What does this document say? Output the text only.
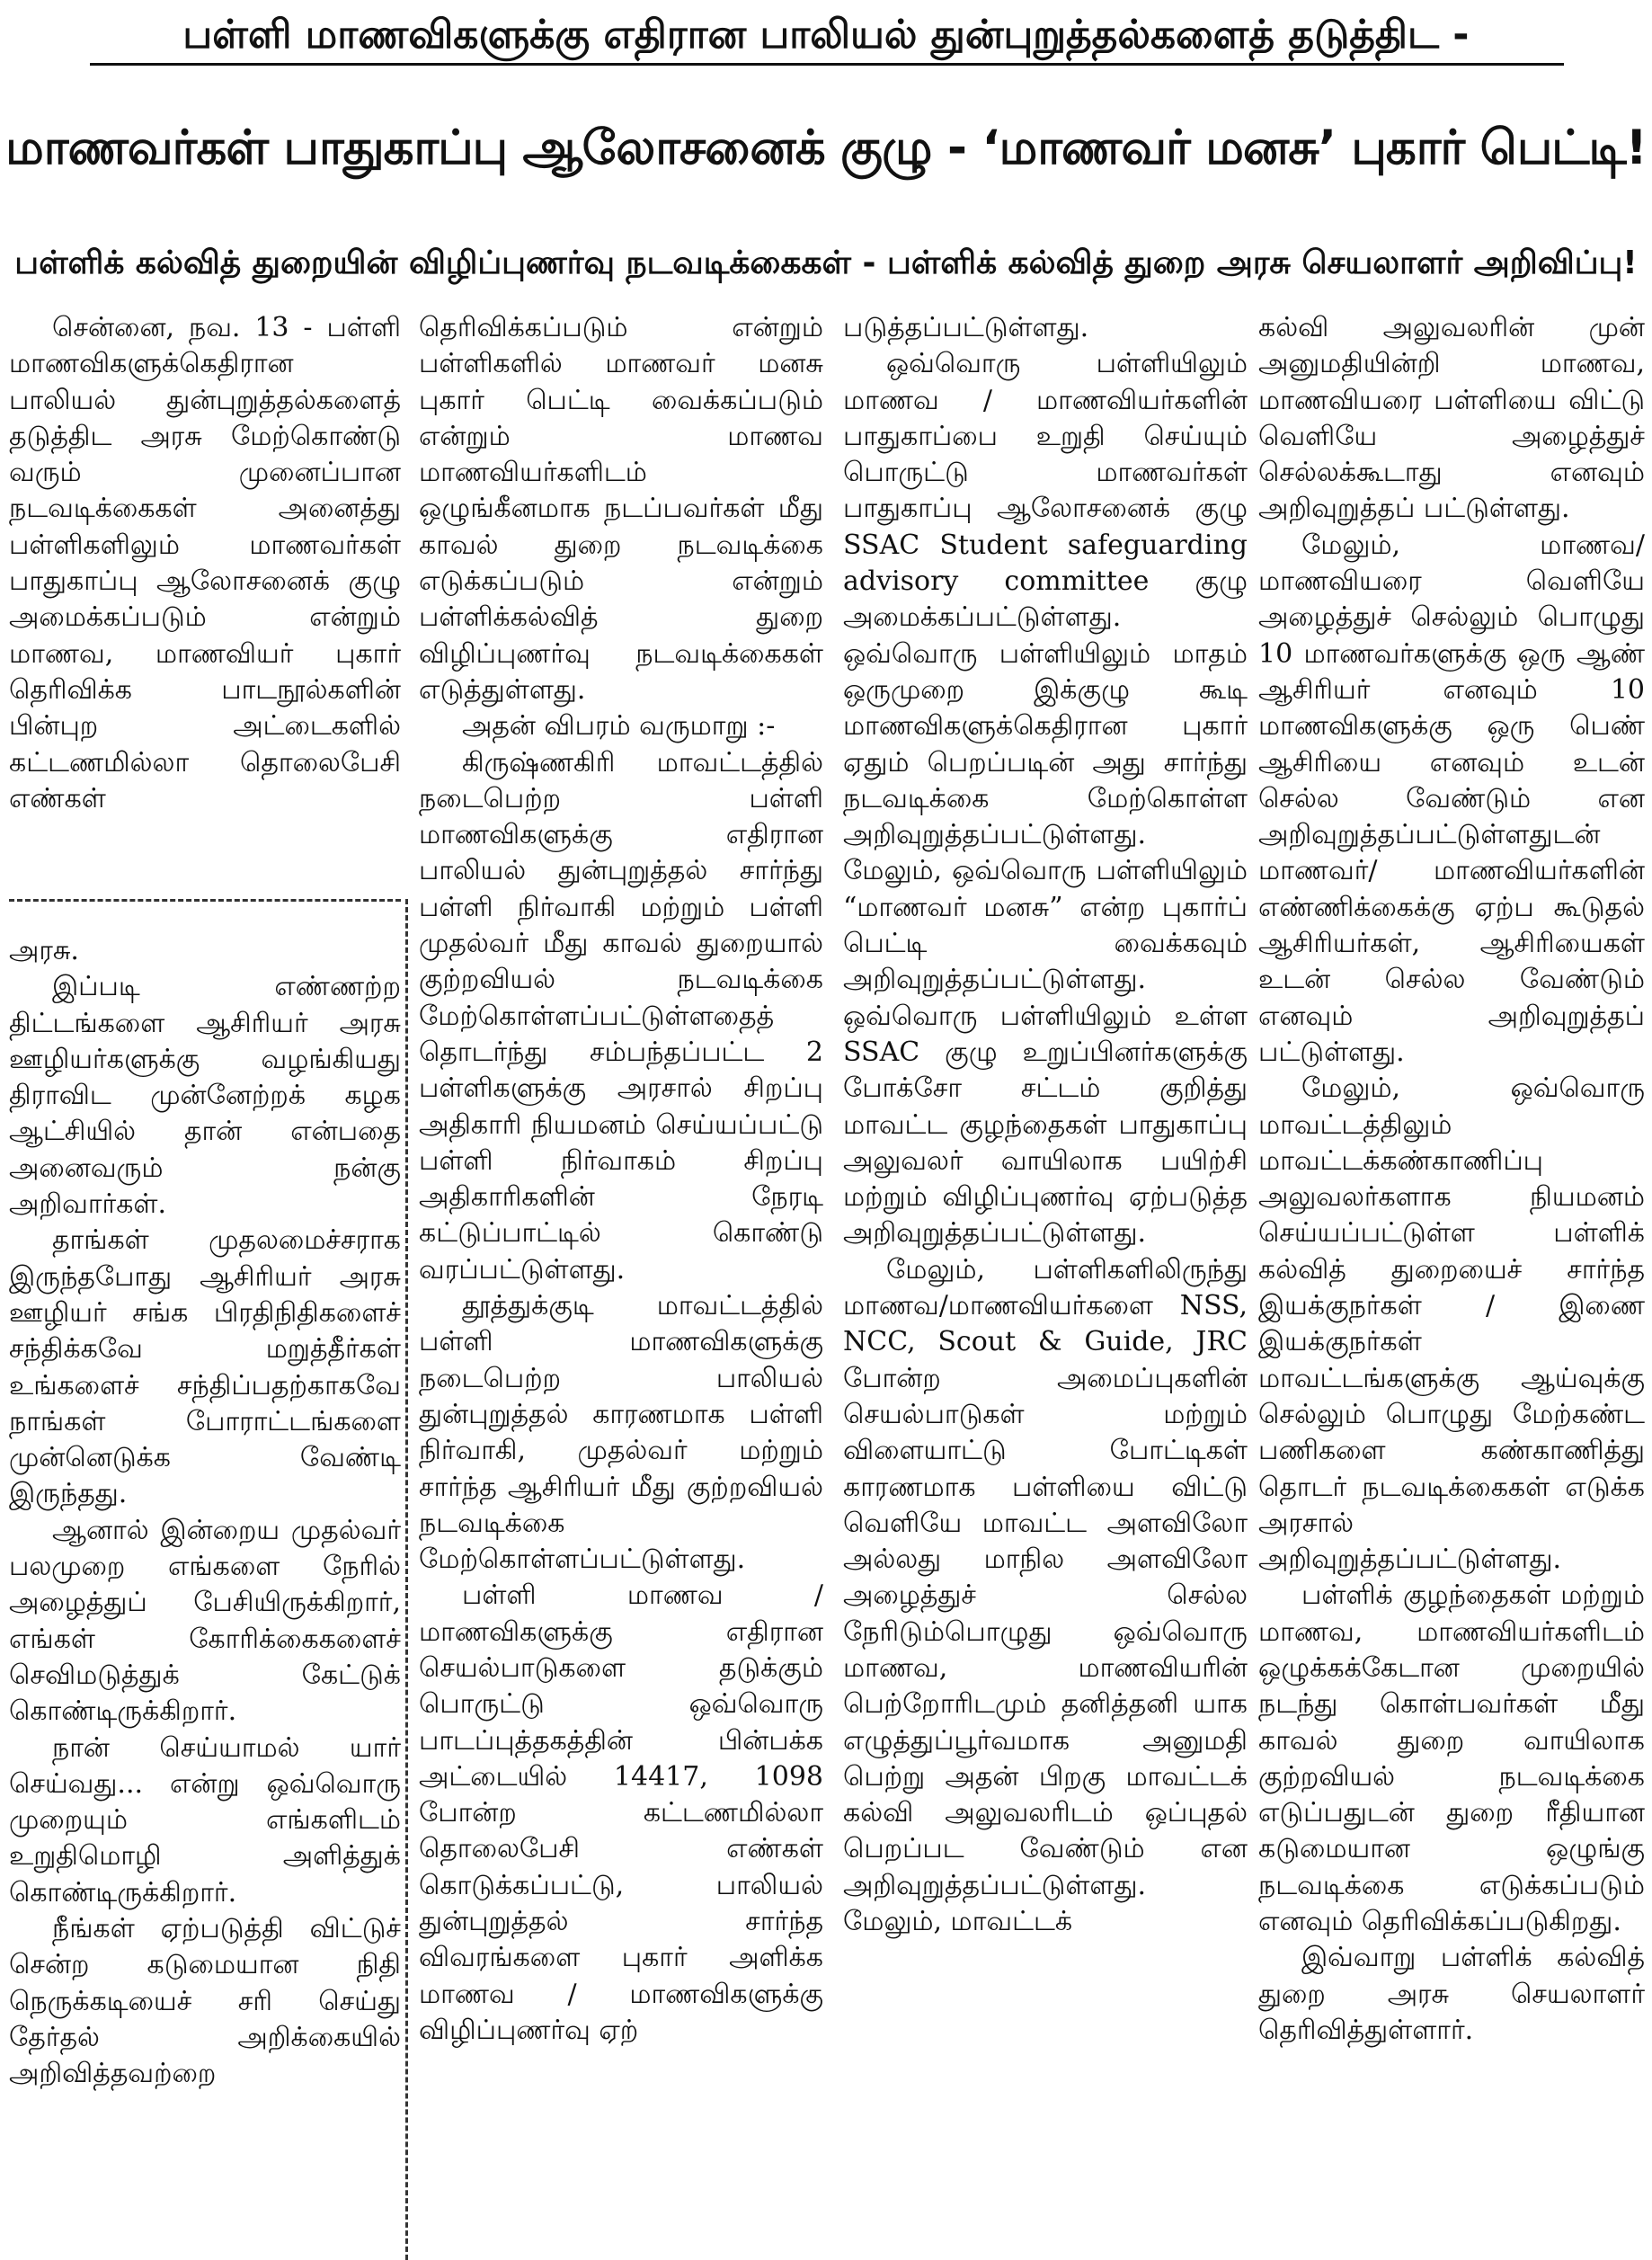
பள்ளி மாணவிகளுக்கு எதிரான பாலியல் துன்புறுத்தல்களைத் தடுத்திட -
மாணவர்கள் பாதுகாப்பு ஆலோசனைக் குழு - ‘மாணவர் மனசு’ புகார் பெட்டி!
பள்ளிக் கல்வித் துறையின் விழிப்புணர்வு நடவடிக்கைகள் - பள்ளிக் கல்வித் துறை அரசு செயலாளர் அறிவிப்பு!

சென்னை, நவ. 13 - பள்ளி மாணவிகளுக்கெதிரான பாலியல் துன்புறுத்தல்களைத் தடுத்திட அரசு மேற்கொண்டு வரும் முனைப்பான நடவடிக்கைகள் அனைத்து பள்ளிகளிலும் மாணவர்கள் பாதுகாப்பு ஆலோசனைக் குழு அமைக்கப்படும் என்றும் மாணவ, மாணவியர் புகார் தெரிவிக்க பாடநூல்களின் பின்புற அட்டைகளில் கட்டணமில்லா தொலைபேசி எண்கள்

அரசு.

இப்படி எண்ணற்ற திட்டங்களை ஆசிரியர் அரசு ஊழியர்களுக்கு வழங்கியது திராவிட முன்னேற்றக் கழக ஆட்சியில் தான் என்பதை அனைவரும் நன்கு அறிவார்கள்.

தாங்கள் முதலமைச்சராக இருந்தபோது ஆசிரியர் அரசு ஊழியர் சங்க பிரதிநிதிகளைச் சந்திக்கவே மறுத்தீர்கள் உங்களைச் சந்திப்பதற்காகவே நாங்கள் போராட்டங்களை முன்னெடுக்க வேண்டி இருந்தது.

ஆனால் இன்றைய முதல்வர் பலமுறை எங்களை நேரில் அழைத்துப் பேசியிருக்கிறார், எங்கள் கோரிக்கைகளைச் செவிமடுத்துக் கேட்டுக் கொண்டிருக்கிறார்.

நான் செய்யாமல் யார் செய்வது... என்று ஒவ்வொரு முறையும் எங்களிடம் உறுதிமொழி அளித்துக் கொண்டிருக்கிறார்.

நீங்கள் ஏற்படுத்தி விட்டுச் சென்ற கடுமையான நிதி நெருக்கடியைச் சரி செய்து தேர்தல் அறிக்கையில் அறிவித்தவற்றை

தெரிவிக்கப்படும் என்றும் பள்ளிகளில் மாணவர் மனசு புகார் பெட்டி வைக்கப்படும் என்றும் மாணவ மாணவியர்களிடம் ஒழுங்கீனமாக நடப்பவர்கள் மீது காவல் துறை நடவடிக்கை எடுக்கப்படும் என்றும் பள்ளிக்கல்வித் துறை விழிப்புணர்வு நடவடிக்கைகள் எடுத்துள்ளது.

அதன் விபரம் வருமாறு :-

கிருஷ்ணகிரி மாவட்டத்தில் நடைபெற்ற பள்ளி மாணவிகளுக்கு எதிரான பாலியல் துன்புறுத்தல் சார்ந்து பள்ளி நிர்வாகி மற்றும் பள்ளி முதல்வர் மீது காவல் துறையால் குற்றவியல் நடவடிக்கை மேற்கொள்ளப்பட்டுள்ளதைத் தொடர்ந்து சம்பந்தப்பட்ட 2 பள்ளிகளுக்கு அரசால் சிறப்பு அதிகாரி நியமனம் செய்யப்பட்டு பள்ளி நிர்வாகம் சிறப்பு அதிகாரிகளின் நேரடி கட்டுப்பாட்டில் கொண்டு வரப்பட்டுள்ளது.

தூத்துக்குடி மாவட்டத்தில் பள்ளி மாணவிகளுக்கு நடைபெற்ற பாலியல் துன்புறுத்தல் காரணமாக பள்ளி நிர்வாகி, முதல்வர் மற்றும் சார்ந்த ஆசிரியர் மீது குற்றவியல் நடவடிக்கை மேற்கொள்ளப்பட்டுள்ளது.

பள்ளி மாணவ / மாணவிகளுக்கு எதிரான செயல்பாடுகளை தடுக்கும் பொருட்டு ஒவ்வொரு பாடப்புத்தகத்தின் பின்பக்க அட்டையில் 14417, 1098 போன்ற கட்டணமில்லா தொலைபேசி எண்கள் கொடுக்கப்பட்டு, பாலியல் துன்புறுத்தல் சார்ந்த விவரங்களை புகார் அளிக்க மாணவ / மாணவிகளுக்கு விழிப்புணர்வு ஏற்

படுத்தப்பட்டுள்ளது.

ஒவ்வொரு பள்ளியிலும் மாணவ / மாணவியர்களின் பாதுகாப்பை உறுதி செய்யும் பொருட்டு மாணவர்கள் பாதுகாப்பு ஆலோசனைக் குழு SSAC Student safeguarding advisory committee குழு அமைக்கப்பட்டுள்ளது. ஒவ்வொரு பள்ளியிலும் மாதம் ஒருமுறை இக்குழு கூடி மாணவிகளுக்கெதிரான புகார் ஏதும் பெறப்படின் அது சார்ந்து நடவடிக்கை மேற்கொள்ள அறிவுறுத்தப்பட்டுள்ளது. மேலும், ஒவ்வொரு பள்ளியிலும் “மாணவர் மனசு” என்ற புகார்ப் பெட்டி வைக்கவும் அறிவுறுத்தப்பட்டுள்ளது. ஒவ்வொரு பள்ளியிலும் உள்ள SSAC குழு உறுப்பினர்களுக்கு போக்சோ சட்டம் குறித்து மாவட்ட குழந்தைகள் பாதுகாப்பு அலுவலர் வாயிலாக பயிற்சி மற்றும் விழிப்புணர்வு ஏற்படுத்த அறிவுறுத்தப்பட்டுள்ளது.

மேலும், பள்ளிகளிலிருந்து மாணவ/மாணவியர்களை NSS, NCC, Scout & Guide, JRC போன்ற அமைப்புகளின் செயல்பாடுகள் மற்றும் விளையாட்டு போட்டிகள் காரணமாக பள்ளியை விட்டு வெளியே மாவட்ட அளவிலோ அல்லது மாநில அளவிலோ அழைத்துச் செல்ல நேரிடும்பொழுது ஒவ்வொரு மாணவ, மாணவியரின் பெற்றோரிடமும் தனித்தனி யாக எழுத்துப்பூர்வமாக அனுமதி பெற்று அதன் பிறகு மாவட்டக் கல்வி அலுவலரிடம் ஒப்புதல் பெறப்பட வேண்டும் என அறிவுறுத்தப்பட்டுள்ளது. மேலும், மாவட்டக்

கல்வி அலுவலரின் முன் அனுமதியின்றி மாணவ, மாணவியரை பள்ளியை விட்டு வெளியே அழைத்துச் செல்லக்கூடாது எனவும் அறிவுறுத்தப் பட்டுள்ளது.

மேலும், மாணவ/ மாணவியரை வெளியே அழைத்துச் செல்லும் பொழுது 10 மாணவர்களுக்கு ஒரு ஆண் ஆசிரியர் எனவும் 10 மாணவிகளுக்கு ஒரு பெண் ஆசிரியை எனவும் உடன் செல்ல வேண்டும் என அறிவுறுத்தப்பட்டுள்ளதுடன் மாணவர்/ மாணவியர்களின் எண்ணிக்கைக்கு ஏற்ப கூடுதல் ஆசிரியர்கள், ஆசிரியைகள் உடன் செல்ல வேண்டும் எனவும் அறிவுறுத்தப் பட்டுள்ளது.

மேலும், ஒவ்வொரு மாவட்டத்திலும் மாவட்டக்கண்காணிப்பு அலுவலர்களாக நியமனம் செய்யப்பட்டுள்ள பள்ளிக் கல்வித் துறையைச் சார்ந்த இயக்குநர்கள் / இணை இயக்குநர்கள் மாவட்டங்களுக்கு ஆய்வுக்கு செல்லும் பொழுது மேற்கண்ட பணிகளை கண்காணித்து தொடர் நடவடிக்கைகள் எடுக்க அரசால் அறிவுறுத்தப்பட்டுள்ளது.

பள்ளிக் குழந்தைகள் மற்றும் மாணவ, மாணவியர்களிடம் ஒழுக்கக்கேடான முறையில் நடந்து கொள்பவர்கள் மீது காவல் துறை வாயிலாக குற்றவியல் நடவடிக்கை எடுப்பதுடன் துறை ரீதியான கடுமையான ஒழுங்கு நடவடிக்கை எடுக்கப்படும் எனவும் தெரிவிக்கப்படுகிறது.

இவ்வாறு பள்ளிக் கல்வித் துறை அரசு செயலாளர் தெரிவித்துள்ளார்.
